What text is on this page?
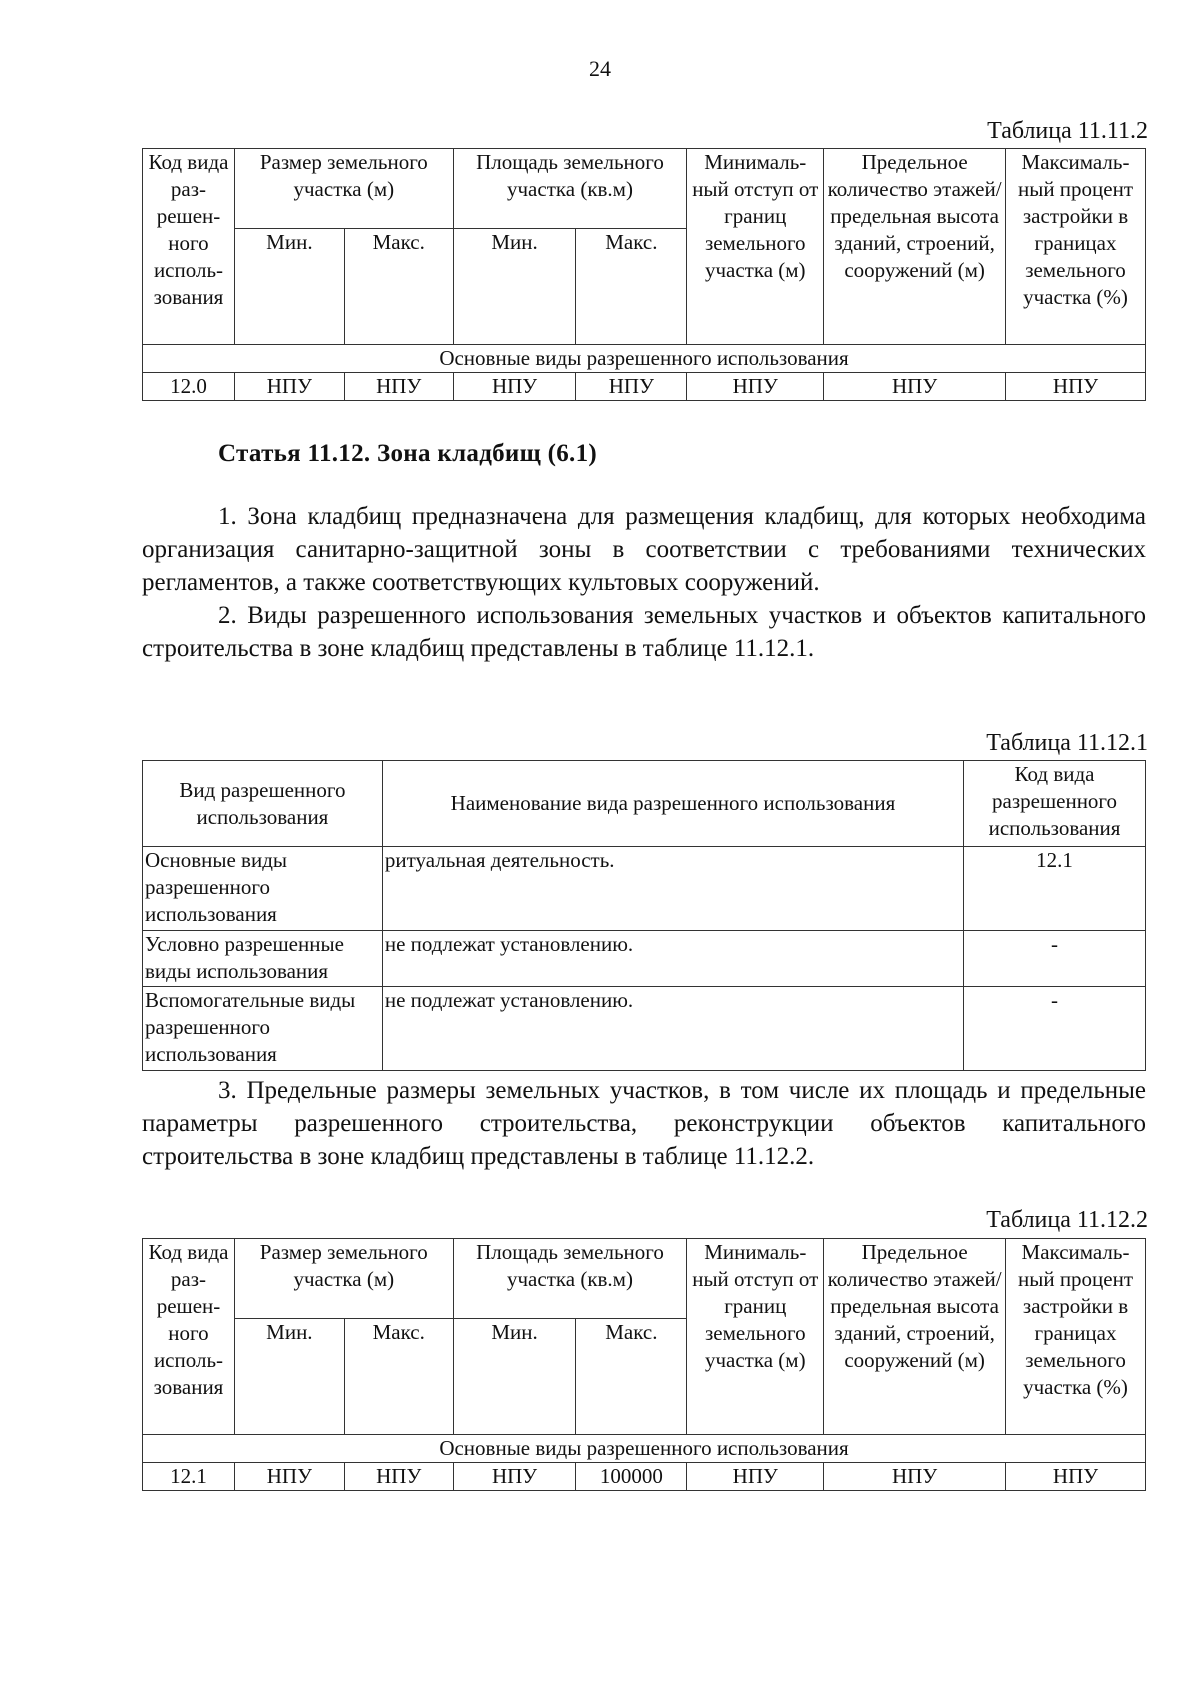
24
Таблица 11.11.2
Код вида раз-решен-ного исполь-зования	Размер земельного участка (м)		Площадь земельного участка (кв.м)		Минималь-ный отступ от границ земельного участка (м)	Предельное количество этажей/ предельная высота зданий, строений, сооружений (м)	Максималь-ный процент застройки в границах земельного участка (%)
	Мин.	Макс.	Мин.	Макс.			
Основные виды разрешенного использования							
12.0	НПУ	НПУ	НПУ	НПУ	НПУ	НПУ	НПУ
Статья 11.12. Зона кладбищ (6.1)

1. Зона кладбищ предназначена для размещения кладбищ, для которых необходима организация санитарно-защитной зоны в соответствии с требованиями технических регламентов, а также соответствующих культовых сооружений.

2. Виды разрешенного использования земельных участков и объектов капитального строительства в зоне кладбищ представлены в таблице 11.12.1.

Таблица 11.12.1
Вид разрешенного использования	Наименование вида разрешенного использования	Код вида разрешенного использования
Основные виды разрешенного использования	ритуальная деятельность.	12.1
Условно разрешенные виды использования	не подлежат установлению.	-
Вспомогательные виды разрешенного использования	не подлежат установлению.	-

3. Предельные размеры земельных участков, в том числе их площадь и предельные параметры разрешенного строительства, реконструкции объектов капитального строительства в зоне кладбищ представлены в таблице 11.12.2.

Таблица 11.12.2
Код вида раз-решен-ного исполь-зования	Размер земельного участка (м)		Площадь земельного участка (кв.м)		Минималь-ный отступ от границ земельного участка (м)	Предельное количество этажей/ предельная высота зданий, строений, сооружений (м)	Максималь-ный процент застройки в границах земельного участка (%)
	Мин.	Макс.	Мин.	Макс.			
Основные виды разрешенного использования							
12.1	НПУ	НПУ	НПУ	100000	НПУ	НПУ	НПУ
